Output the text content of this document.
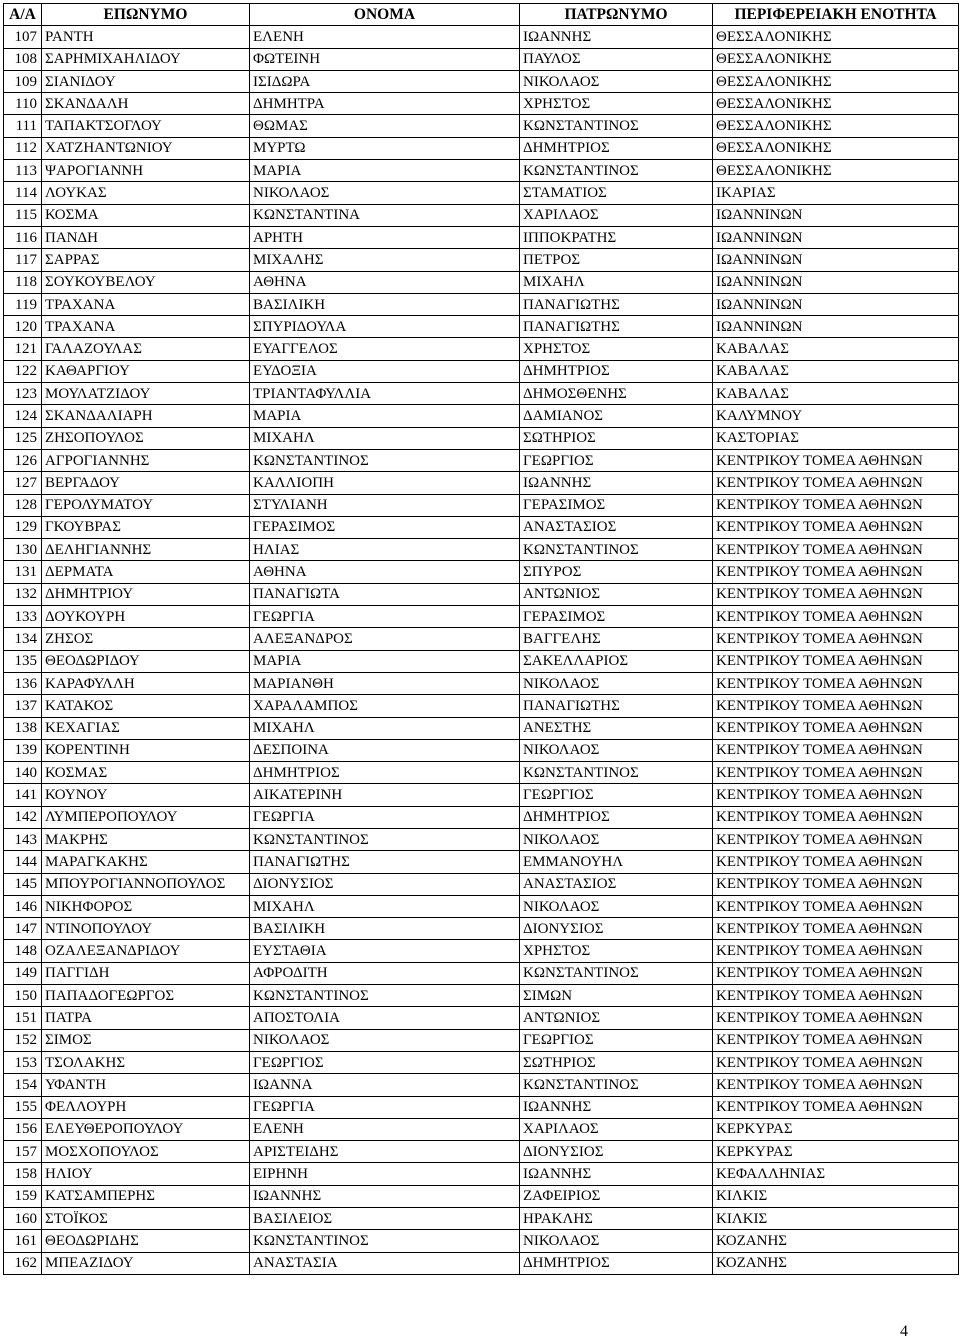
Α/Α	ΕΠΩΝΥΜΟ	ΟΝΟΜΑ	ΠΑΤΡΩΝΥΜΟ	ΠΕΡΙΦΕΡΕΙΑΚΗ ΕΝΟΤΗΤΑ
107	ΡΑΝΤΗ	ΕΛΕΝΗ	ΙΩΑΝΝΗΣ	ΘΕΣΣΑΛΟΝΙΚΗΣ
108	ΣΑΡΗΜΙΧΑΗΛΙΔΟΥ	ΦΩΤΕΙΝΗ	ΠΑΥΛΟΣ	ΘΕΣΣΑΛΟΝΙΚΗΣ
109	ΣΙΑΝΙΔΟΥ	ΙΣΙΔΩΡΑ	ΝΙΚΟΛΑΟΣ	ΘΕΣΣΑΛΟΝΙΚΗΣ
110	ΣΚΑΝΔΑΛΗ	ΔΗΜΗΤΡΑ	ΧΡΗΣΤΟΣ	ΘΕΣΣΑΛΟΝΙΚΗΣ
111	ΤΑΠΑΚΤΣΟΓΛΟΥ	ΘΩΜΑΣ	ΚΩΝΣΤΑΝΤΙΝΟΣ	ΘΕΣΣΑΛΟΝΙΚΗΣ
112	ΧΑΤΖΗΑΝΤΩΝΙΟΥ	ΜΥΡΤΩ	ΔΗΜΗΤΡΙΟΣ	ΘΕΣΣΑΛΟΝΙΚΗΣ
113	ΨΑΡΟΓΙΑΝΝΗ	ΜΑΡΙΑ	ΚΩΝΣΤΑΝΤΙΝΟΣ	ΘΕΣΣΑΛΟΝΙΚΗΣ
114	ΛΟΥΚΑΣ	ΝΙΚΟΛΑΟΣ	ΣΤΑΜΑΤΙΟΣ	ΙΚΑΡΙΑΣ
115	ΚΟΣΜΑ	ΚΩΝΣΤΑΝΤΙΝΑ	ΧΑΡΙΛΑΟΣ	ΙΩΑΝΝΙΝΩΝ
116	ΠΑΝΔΗ	ΑΡΗΤΗ	ΙΠΠΟΚΡΑΤΗΣ	ΙΩΑΝΝΙΝΩΝ
117	ΣΑΡΡΑΣ	ΜΙΧΑΛΗΣ	ΠΕΤΡΟΣ	ΙΩΑΝΝΙΝΩΝ
118	ΣΟΥΚΟΥΒΕΛΟΥ	ΑΘΗΝΑ	ΜΙΧΑΗΛ	ΙΩΑΝΝΙΝΩΝ
119	ΤΡΑΧΑΝΑ	ΒΑΣΙΛΙΚΗ	ΠΑΝΑΓΙΩΤΗΣ	ΙΩΑΝΝΙΝΩΝ
120	ΤΡΑΧΑΝΑ	ΣΠΥΡΙΔΟΥΛΑ	ΠΑΝΑΓΙΩΤΗΣ	ΙΩΑΝΝΙΝΩΝ
121	ΓΑΛΑΖΟΥΛΑΣ	ΕΥΑΓΓΕΛΟΣ	ΧΡΗΣΤΟΣ	ΚΑΒΑΛΑΣ
122	ΚΑΘΑΡΓΙΟΥ	ΕΥΔΟΞΙΑ	ΔΗΜΗΤΡΙΟΣ	ΚΑΒΑΛΑΣ
123	ΜΟΥΛΑΤΖΙΔΟΥ	ΤΡΙΑΝΤΑΦΥΛΛΙΑ	ΔΗΜΟΣΘΕΝΗΣ	ΚΑΒΑΛΑΣ
124	ΣΚΑΝΔΑΛΙΑΡΗ	ΜΑΡΙΑ	ΔΑΜΙΑΝΟΣ	ΚΑΛΥΜΝΟΥ
125	ΖΗΣΟΠΟΥΛΟΣ	ΜΙΧΑΗΛ	ΣΩΤΗΡΙΟΣ	ΚΑΣΤΟΡΙΑΣ
126	ΑΓΡΟΓΙΑΝΝΗΣ	ΚΩΝΣΤΑΝΤΙΝΟΣ	ΓΕΩΡΓΙΟΣ	ΚΕΝΤΡΙΚΟΥ ΤΟΜΕΑ ΑΘΗΝΩΝ
127	ΒΕΡΓΑΔΟΥ	ΚΑΛΛΙΟΠΗ	ΙΩΑΝΝΗΣ	ΚΕΝΤΡΙΚΟΥ ΤΟΜΕΑ ΑΘΗΝΩΝ
128	ΓΕΡΟΛΥΜΑΤΟΥ	ΣΤΥΛΙΑΝΗ	ΓΕΡΑΣΙΜΟΣ	ΚΕΝΤΡΙΚΟΥ ΤΟΜΕΑ ΑΘΗΝΩΝ
129	ΓΚΟΥΒΡΑΣ	ΓΕΡΑΣΙΜΟΣ	ΑΝΑΣΤΑΣΙΟΣ	ΚΕΝΤΡΙΚΟΥ ΤΟΜΕΑ ΑΘΗΝΩΝ
130	ΔΕΛΗΓΙΑΝΝΗΣ	ΗΛΙΑΣ	ΚΩΝΣΤΑΝΤΙΝΟΣ	ΚΕΝΤΡΙΚΟΥ ΤΟΜΕΑ ΑΘΗΝΩΝ
131	ΔΕΡΜΑΤΑ	ΑΘΗΝΑ	ΣΠΥΡΟΣ	ΚΕΝΤΡΙΚΟΥ ΤΟΜΕΑ ΑΘΗΝΩΝ
132	ΔΗΜΗΤΡΙΟΥ	ΠΑΝΑΓΙΩΤΑ	ΑΝΤΩΝΙΟΣ	ΚΕΝΤΡΙΚΟΥ ΤΟΜΕΑ ΑΘΗΝΩΝ
133	ΔΟΥΚΟΥΡΗ	ΓΕΩΡΓΙΑ	ΓΕΡΑΣΙΜΟΣ	ΚΕΝΤΡΙΚΟΥ ΤΟΜΕΑ ΑΘΗΝΩΝ
134	ΖΗΣΟΣ	ΑΛΕΞΑΝΔΡΟΣ	ΒΑΓΓΕΛΗΣ	ΚΕΝΤΡΙΚΟΥ ΤΟΜΕΑ ΑΘΗΝΩΝ
135	ΘΕΟΔΩΡΙΔΟΥ	ΜΑΡΙΑ	ΣΑΚΕΛΛΑΡΙΟΣ	ΚΕΝΤΡΙΚΟΥ ΤΟΜΕΑ ΑΘΗΝΩΝ
136	ΚΑΡΑΦΥΛΛΗ	ΜΑΡΙΑΝΘΗ	ΝΙΚΟΛΑΟΣ	ΚΕΝΤΡΙΚΟΥ ΤΟΜΕΑ ΑΘΗΝΩΝ
137	ΚΑΤΑΚΟΣ	ΧΑΡΑΛΑΜΠΟΣ	ΠΑΝΑΓΙΩΤΗΣ	ΚΕΝΤΡΙΚΟΥ ΤΟΜΕΑ ΑΘΗΝΩΝ
138	ΚΕΧΑΓΙΑΣ	ΜΙΧΑΗΛ	ΑΝΕΣΤΗΣ	ΚΕΝΤΡΙΚΟΥ ΤΟΜΕΑ ΑΘΗΝΩΝ
139	ΚΟΡΕΝΤΙΝΗ	ΔΕΣΠΟΙΝΑ	ΝΙΚΟΛΑΟΣ	ΚΕΝΤΡΙΚΟΥ ΤΟΜΕΑ ΑΘΗΝΩΝ
140	ΚΟΣΜΑΣ	ΔΗΜΗΤΡΙΟΣ	ΚΩΝΣΤΑΝΤΙΝΟΣ	ΚΕΝΤΡΙΚΟΥ ΤΟΜΕΑ ΑΘΗΝΩΝ
141	ΚΟΥΝΟΥ	ΑΙΚΑΤΕΡΙΝΗ	ΓΕΩΡΓΙΟΣ	ΚΕΝΤΡΙΚΟΥ ΤΟΜΕΑ ΑΘΗΝΩΝ
142	ΛΥΜΠΕΡΟΠΟΥΛΟΥ	ΓΕΩΡΓΙΑ	ΔΗΜΗΤΡΙΟΣ	ΚΕΝΤΡΙΚΟΥ ΤΟΜΕΑ ΑΘΗΝΩΝ
143	ΜΑΚΡΗΣ	ΚΩΝΣΤΑΝΤΙΝΟΣ	ΝΙΚΟΛΑΟΣ	ΚΕΝΤΡΙΚΟΥ ΤΟΜΕΑ ΑΘΗΝΩΝ
144	ΜΑΡΑΓΚΑΚΗΣ	ΠΑΝΑΓΙΩΤΗΣ	ΕΜΜΑΝΟΥΗΛ	ΚΕΝΤΡΙΚΟΥ ΤΟΜΕΑ ΑΘΗΝΩΝ
145	ΜΠΟΥΡΟΓΙΑΝΝΟΠΟΥΛΟΣ	ΔΙΟΝΥΣΙΟΣ	ΑΝΑΣΤΑΣΙΟΣ	ΚΕΝΤΡΙΚΟΥ ΤΟΜΕΑ ΑΘΗΝΩΝ
146	ΝΙΚΗΦΟΡΟΣ	ΜΙΧΑΗΛ	ΝΙΚΟΛΑΟΣ	ΚΕΝΤΡΙΚΟΥ ΤΟΜΕΑ ΑΘΗΝΩΝ
147	ΝΤΙΝΟΠΟΥΛΟΥ	ΒΑΣΙΛΙΚΗ	ΔΙΟΝΥΣΙΟΣ	ΚΕΝΤΡΙΚΟΥ ΤΟΜΕΑ ΑΘΗΝΩΝ
148	ΟΖΑΛΕΞΑΝΔΡΙΔΟΥ	ΕΥΣΤΑΘΙΑ	ΧΡΗΣΤΟΣ	ΚΕΝΤΡΙΚΟΥ ΤΟΜΕΑ ΑΘΗΝΩΝ
149	ΠΑΓΓΙΔΗ	ΑΦΡΟΔΙΤΗ	ΚΩΝΣΤΑΝΤΙΝΟΣ	ΚΕΝΤΡΙΚΟΥ ΤΟΜΕΑ ΑΘΗΝΩΝ
150	ΠΑΠΑΔΟΓΕΩΡΓΟΣ	ΚΩΝΣΤΑΝΤΙΝΟΣ	ΣΙΜΩΝ	ΚΕΝΤΡΙΚΟΥ ΤΟΜΕΑ ΑΘΗΝΩΝ
151	ΠΑΤΡΑ	ΑΠΟΣΤΟΛΙΑ	ΑΝΤΩΝΙΟΣ	ΚΕΝΤΡΙΚΟΥ ΤΟΜΕΑ ΑΘΗΝΩΝ
152	ΣΙΜΟΣ	ΝΙΚΟΛΑΟΣ	ΓΕΩΡΓΙΟΣ	ΚΕΝΤΡΙΚΟΥ ΤΟΜΕΑ ΑΘΗΝΩΝ
153	ΤΣΟΛΑΚΗΣ	ΓΕΩΡΓΙΟΣ	ΣΩΤΗΡΙΟΣ	ΚΕΝΤΡΙΚΟΥ ΤΟΜΕΑ ΑΘΗΝΩΝ
154	ΥΦΑΝΤΗ	ΙΩΑΝΝΑ	ΚΩΝΣΤΑΝΤΙΝΟΣ	ΚΕΝΤΡΙΚΟΥ ΤΟΜΕΑ ΑΘΗΝΩΝ
155	ΦΕΛΛΟΥΡΗ	ΓΕΩΡΓΙΑ	ΙΩΑΝΝΗΣ	ΚΕΝΤΡΙΚΟΥ ΤΟΜΕΑ ΑΘΗΝΩΝ
156	ΕΛΕΥΘΕΡΟΠΟΥΛΟΥ	ΕΛΕΝΗ	ΧΑΡΙΛΑΟΣ	ΚΕΡΚΥΡΑΣ
157	ΜΟΣΧΟΠΟΥΛΟΣ	ΑΡΙΣΤΕΙΔΗΣ	ΔΙΟΝΥΣΙΟΣ	ΚΕΡΚΥΡΑΣ
158	ΗΛΙΟΥ	ΕΙΡΗΝΗ	ΙΩΑΝΝΗΣ	ΚΕΦΑΛΛΗΝΙΑΣ
159	ΚΑΤΣΑΜΠΕΡΗΣ	ΙΩΑΝΝΗΣ	ΖΑΦΕΙΡΙΟΣ	ΚΙΛΚΙΣ
160	ΣΤΟΪΚΟΣ	ΒΑΣΙΛΕΙΟΣ	ΗΡΑΚΛΗΣ	ΚΙΛΚΙΣ
161	ΘΕΟΔΩΡΙΔΗΣ	ΚΩΝΣΤΑΝΤΙΝΟΣ	ΝΙΚΟΛΑΟΣ	ΚΟΖΑΝΗΣ
162	ΜΠΕΑΖΙΔΟΥ	ΑΝΑΣΤΑΣΙΑ	ΔΗΜΗΤΡΙΟΣ	ΚΟΖΑΝΗΣ
4
